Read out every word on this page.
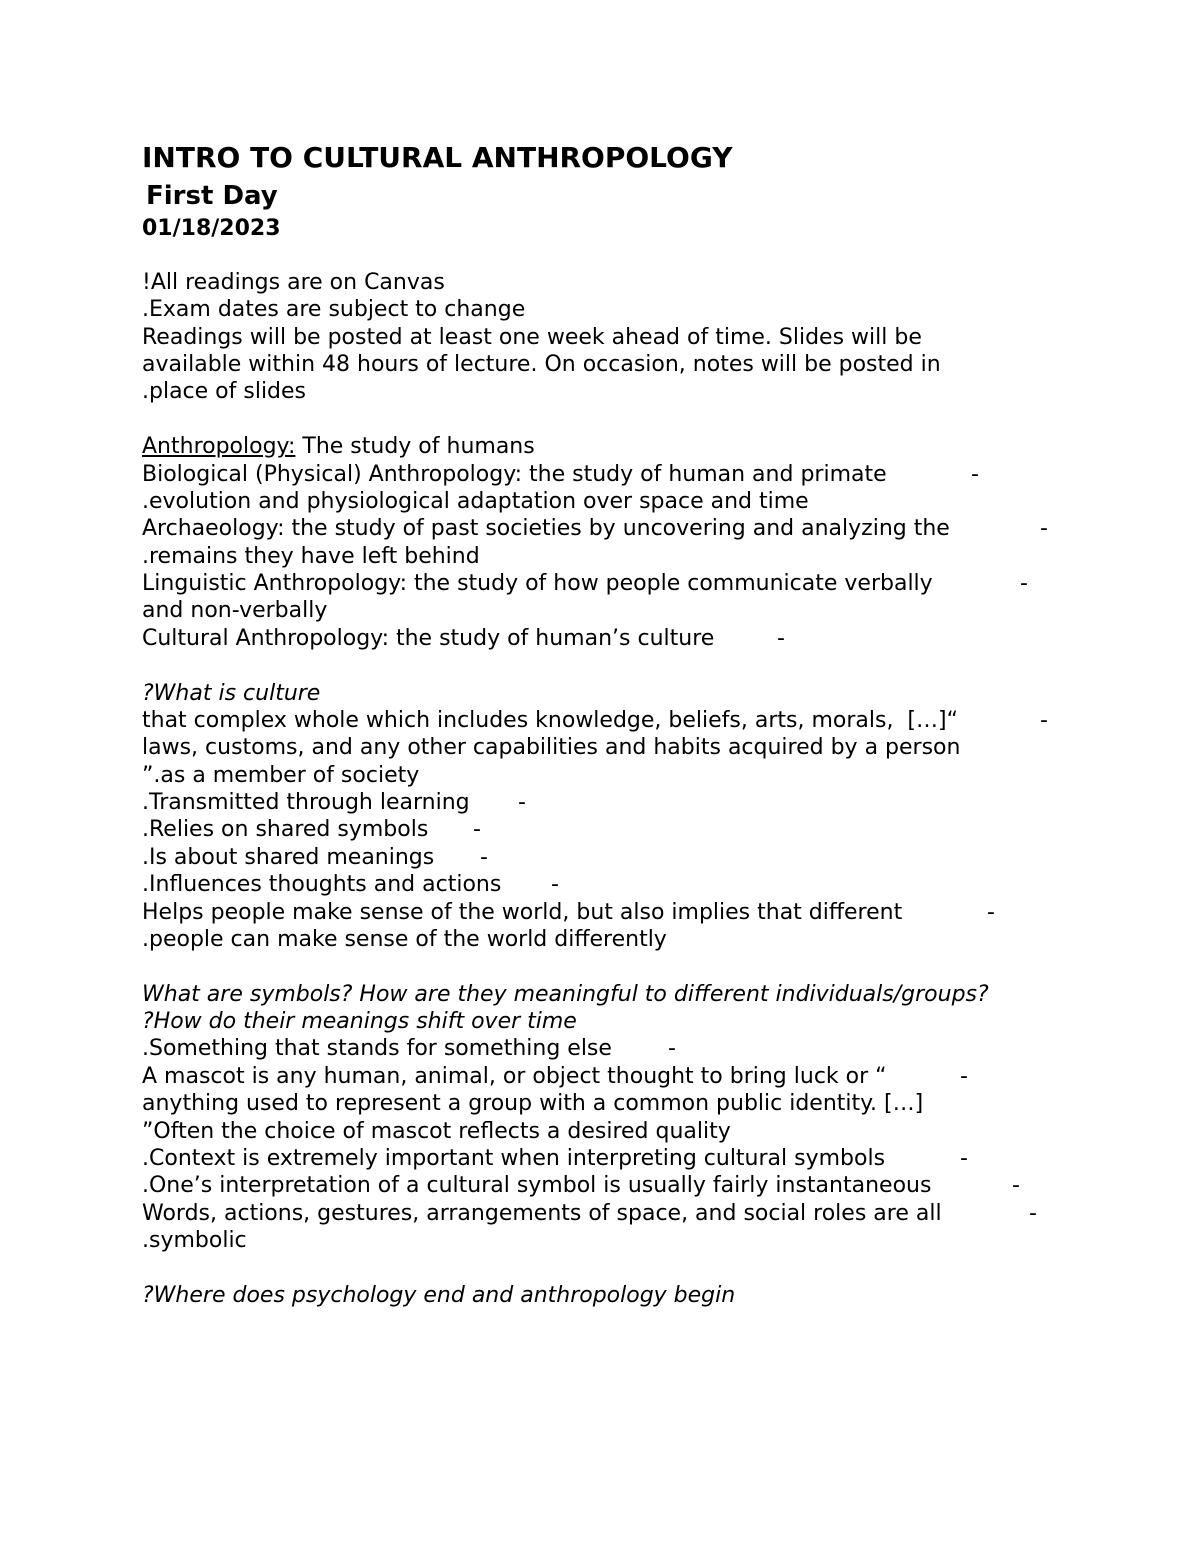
INTRO TO CULTURAL ANTHROPOLOGY
First Day
01/18/2023
!All readings are on Canvas
.Exam dates are subject to change
Readings will be posted at least one week ahead of time. Slides will be
available within 48 hours of lecture. On occasion, notes will be posted in
.place of slides
Anthropology: The study of humans
Biological (Physical) Anthropology: the study of human and primate	-
.evolution and physiological adaptation over space and time
Archaeology: the study of past societies by uncovering and analyzing the	-
.remains they have left behind
Linguistic Anthropology: the study of how people communicate verbally	-
and non-verbally
Cultural Anthropology: the study of human’s culture	-
?What is culture
that complex whole which includes knowledge, beliefs, arts, morals,  […]“	-
laws, customs, and any other capabilities and habits acquired by a person
”.as a member of society
.Transmitted through learning -
.Relies on shared symbols -
.Is about shared meanings -
.Influences thoughts and actions -
Helps people make sense of the world, but also implies that different	-
.people can make sense of the world differently
What are symbols? How are they meaningful to different individuals/groups?
?How do their meanings shift over time
.Something that stands for something else	-
A mascot is any human, animal, or object thought to bring luck or “	-
anything used to represent a group with a common public identity. […]
”Often the choice of mascot reflects a desired quality
.Context is extremely important when interpreting cultural symbols	-
.One’s interpretation of a cultural symbol is usually fairly instantaneous	-
Words, actions, gestures, arrangements of space, and social roles are all	-
.symbolic
?Where does psychology end and anthropology begin
